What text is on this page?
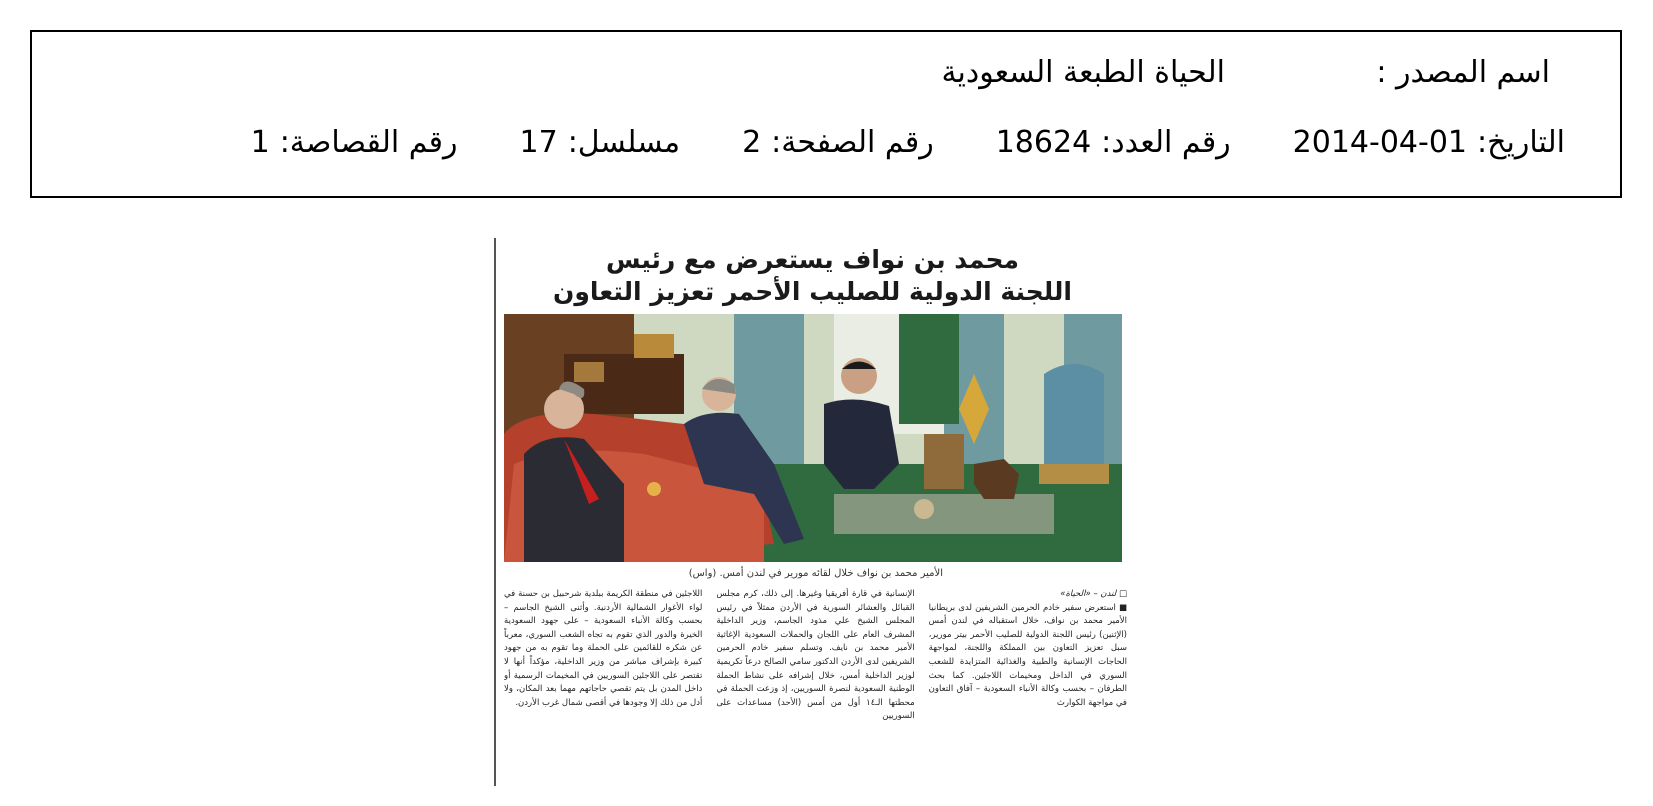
اسم المصدر :
الحياة الطبعة السعودية
التاريخ:
2014-04-01
رقم العدد:
18624
رقم الصفحة:
2
مسلسل:
17
رقم القصاصة:
1
محمد بن نواف يستعرض مع رئيس
اللجنة الدولية للصليب الأحمر تعزيز التعاون
الأمير محمد بن نواف خلال لقائه مورير في لندن أمس. (واس)

□ لندن – «الحياة»

■ استعرض سفير خادم الحرمين الشريفين لدى بريطانيا الأمير محمد بن نواف، خلال استقباله في لندن أمس (الإثنين) رئيس اللجنة الدولية للصليب الأحمر بيتر مورير، سبل تعزيز التعاون بين المملكة واللجنة، لمواجهة الحاجات الإنسانية والطبية والغذائية المتزايدة للشعب السوري في الداخل ومخيمات اللاجئين. كما بحث الطرفان – بحسب وكالة الأنباء السعودية – آفاق التعاون في مواجهة الكوارث

الإنسانية في قارة أفريقيا وغيرها. إلى ذلك، كرم مجلس القبائل والعشائر السورية في الأردن ممثلاً في رئيس المجلس الشيخ علي مذود الجاسم، وزير الداخلية المشرف العام على اللجان والحملات السعودية الإغاثية الأمير محمد بن نايف. وتسلم سفير خادم الحرمين الشريفين لدى الأردن الدكتور سامي الصالح درعاً تكريمية لوزير الداخلية أمس، خلال إشرافه على نشاط الحملة الوطنية السعودية لنصرة السوريين، إذ وزعت الحملة في محطتها الـ١٤ أول من أمس (الأحد) مساعدات على السوريين

اللاجئين في منطقة الكريمة ببلدية شرحبيل بن حسنة في لواء الأغوار الشمالية الأردنية. وأثنى الشيخ الجاسم – بحسب وكالة الأنباء السعودية – على جهود السعودية الخيرة والدور الذي تقوم به تجاه الشعب السوري، معرباً عن شكره للقائمين على الحملة وما تقوم به من جهود كبيرة بإشراف مباشر من وزير الداخلية، مؤكداً أنها لا تقتصر على اللاجئين السوريين في المخيمات الرسمية أو داخل المدن بل يتم تقصي حاجاتهم مهما بعد المكان، ولا أدل من ذلك إلا وجودها في أقصى شمال غرب الأردن.
